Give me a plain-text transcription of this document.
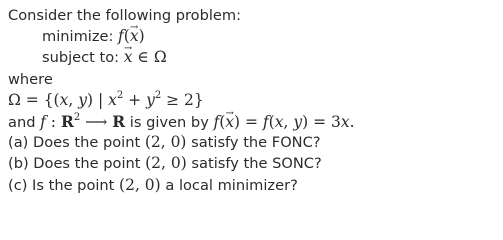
Consider the following problem:
minimize: f(→ x)
subject to: → x ∈ Ω
where
Ω = {(x, y) | $x^2 + y^2 \ge 2$}
and f : $R^2$ ⟶ R is given by f(→ x) = f(x, y) = 3x.
(a) Does the point (2, 0) satisfy the FONC?
(b) Does the point (2, 0) satisfy the SONC?
(c) Is the point (2, 0) a local minimizer?
